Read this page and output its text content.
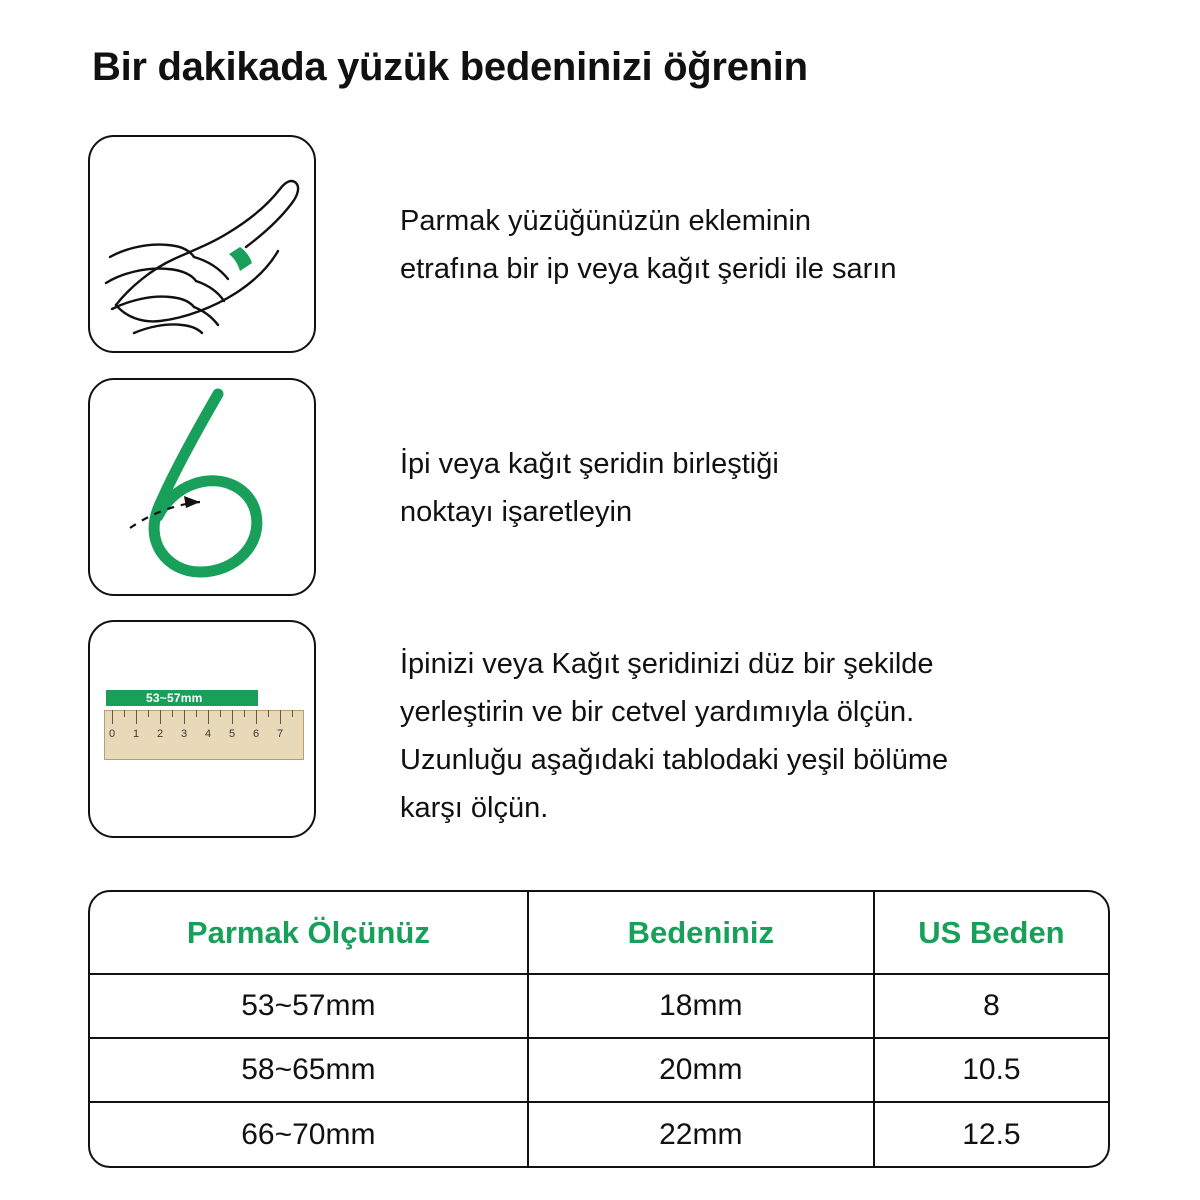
Bir dakikada yüzük bedeninizi öğrenin
Parmak yüzüğünüzün ekleminin
etrafına bir ip veya kağıt şeridi ile sarın
İpi veya kağıt şeridin birleştiği
noktayı işaretleyin
53~57mm
0 1 2 3 4 5 6 7
İpinizi veya Kağıt şeridinizi düz bir şekilde
yerleştirin ve bir cetvel yardımıyla ölçün.
Uzunluğu aşağıdaki tablodaki yeşil bölüme
karşı ölçün.
Parmak Ölçünüz	Bedeniniz	US Beden
53~57mm	18mm	8
58~65mm	20mm	10.5
66~70mm	22mm	12.5
